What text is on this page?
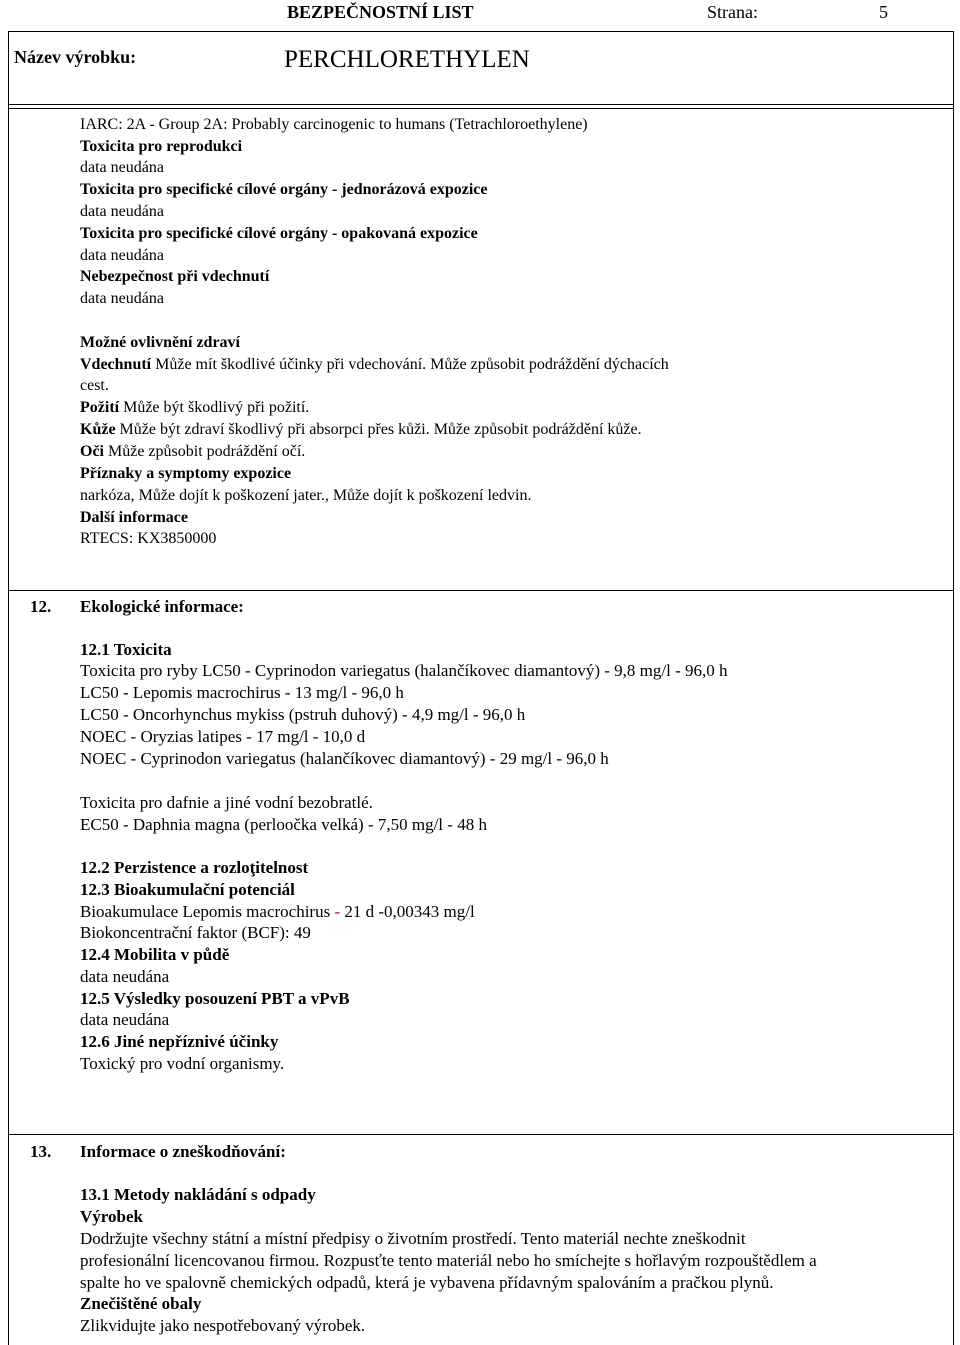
BEZPEČNOSTNÍ LIST	Strana:	5
Název výrobku:	PERCHLORETHYLEN
IARC: 2A - Group 2A: Probably carcinogenic to humans (Tetrachloroethylene)
Toxicita pro reprodukci
data neudána
Toxicita pro specifické cílové orgány - jednorázová expozice
data neudána
Toxicita pro specifické cílové orgány - opakovaná expozice
data neudána
Nebezpečnost při vdechnutí
data neudána
Možné ovlivnění zdraví
Vdechnutí Může mít škodlivé účinky při vdechování. Může způsobit podráždění dýchacích
cest.
Požití Může být škodlivý při požití.
Kůže Může být zdraví škodlivý při absorpci přes kůži. Může způsobit podráždění kůže.
Oči Může způsobit podráždění očí.
Příznaky a symptomy expozice
narkóza, Může dojít k poškození jater., Může dojít k poškození ledvin.
Další informace
RTECS: KX3850000
12. Ekologické informace:
12.1 Toxicita
Toxicita pro ryby LC50 - Cyprinodon variegatus (halančíkovec diamantový) - 9,8 mg/l - 96,0 h
LC50 - Lepomis macrochirus - 13 mg/l - 96,0 h
LC50 - Oncorhynchus mykiss (pstruh duhový) - 4,9 mg/l - 96,0 h
NOEC - Oryzias latipes - 17 mg/l - 10,0 d
NOEC - Cyprinodon variegatus (halančíkovec diamantový) - 29 mg/l - 96,0 h
Toxicita pro dafnie a jiné vodní bezobratlé.
EC50 - Daphnia magna (perloočka velká) - 7,50 mg/l - 48 h
12.2 Perzistence a rozloţitelnost
12.3 Bioakumulační potenciál
Bioakumulace Lepomis macrochirus - 21 d -0,00343 mg/l
Biokoncentrační faktor (BCF): 49
12.4 Mobilita v půdě
data neudána
12.5 Výsledky posouzení PBT a vPvB
data neudána
12.6 Jiné nepříznivé účinky
Toxický pro vodní organismy.
13. Informace o zneškodňování:
13.1 Metody nakládání s odpady
Výrobek
Dodržujte všechny státní a místní předpisy o životním prostředí. Tento materiál nechte zneškodnit
profesionální licencovanou firmou. Rozpusťte tento materiál nebo ho smíchejte s hořlavým rozpouštědlem a
spalte ho ve spalovně chemických odpadů, která je vybavena přídavným spalováním a pračkou plynů.
Znečištěné obaly
Zlikvidujte jako nespotřebovaný výrobek.
